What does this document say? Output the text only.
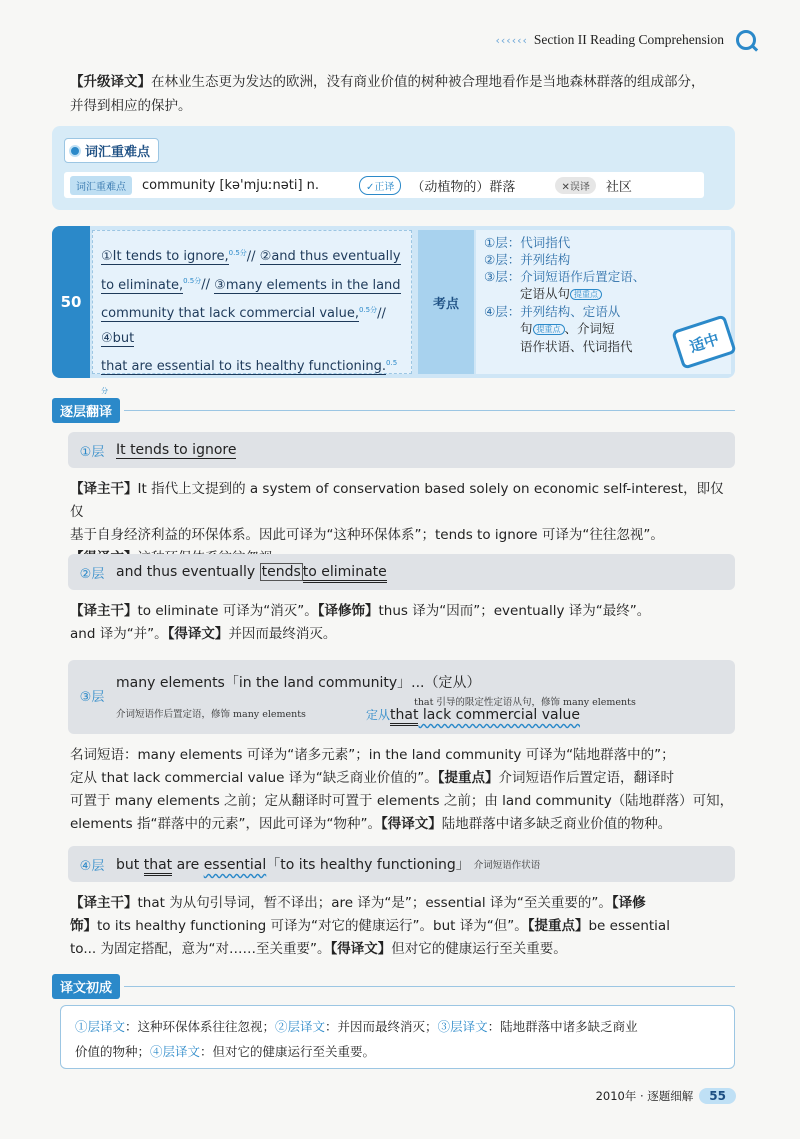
‹‹‹‹‹‹ Section II Reading Comprehension
【升级译文】在林业生态更为发达的欧洲，没有商业价值的树种被合理地看作是当地森林群落的组成部分，
并得到相应的保护。
词汇重难点
词汇重难点	community [kə'mjuːnəti] n.	✓正译	（动植物的）群落	✕误译	社区
50
①It tends to ignore,$^{0.5分}$// ②and thus eventually
to eliminate,$^{0.5分}$// ③many elements in the land
community that lack commercial value,$^{0.5分}$// ④but
that are essential to its healthy functioning.$^{0.5分}$
考点
①层：代词指代
②层：并列结构
③层：介词短语作后置定语、
定语从句 提重点
④层：并列结构、定语从
句提重点 、介词短
语作状语、代词指代	适中
逐层翻译
①层 It tends to ignore
【译主干】It 指代上文提到的 a system of conservation based solely on economic self-interest，即仅仅
基于自身经济利益的环保体系。因此可译为“这种环保体系”；tends to ignore 可译为“往往忽视”。
②层 and thus eventually tends to eliminate
【译主干】to eliminate 可译为“消灭”。【译修饰】thus 译为“因而”；eventually 译为“最终”。
and 译为“并”。【得译文】并因而最终消灭。
③层
many elements「in the land community」...（定从）
介词短语作后置定语，修饰 many elements
that 引导的限定性定语从句，修饰 many elements
定从that lack commercial value
名词短语：many elements 可译为“诸多元素”；in the land community 可译为“陆地群落中的”；
定从 that lack commercial value 译为“缺乏商业价值的”。【提重点】介词短语作后置定语，翻译时
可置于 many elements 之前；定从翻译时可置于 elements 之前；由 land community（陆地群落）可知，
elements 指“群落中的元素”，因此可译为“物种”。【得译文】陆地群落中诸多缺乏商业价值的物种。
④层 but that are essential「to its healthy functioning」 介词短语作状语
【译主干】that 为从句引导词，暂不译出；are 译为“是”；essential 译为“至关重要的”。【译修
饰】to its healthy functioning 可译为“对它的健康运行”。but 译为“但”。【提重点】be essential
to... 为固定搭配，意为“对……至关重要”。【得译文】但对它的健康运行至关重要。
译文初成
①层译文：这种环保体系往往忽视；②层译文：并因而最终消灭；③层译文：陆地群落中诸多缺乏商业
价值的物种；④层译文：但对它的健康运行至关重要。
2010年 · 逐题细解	55
